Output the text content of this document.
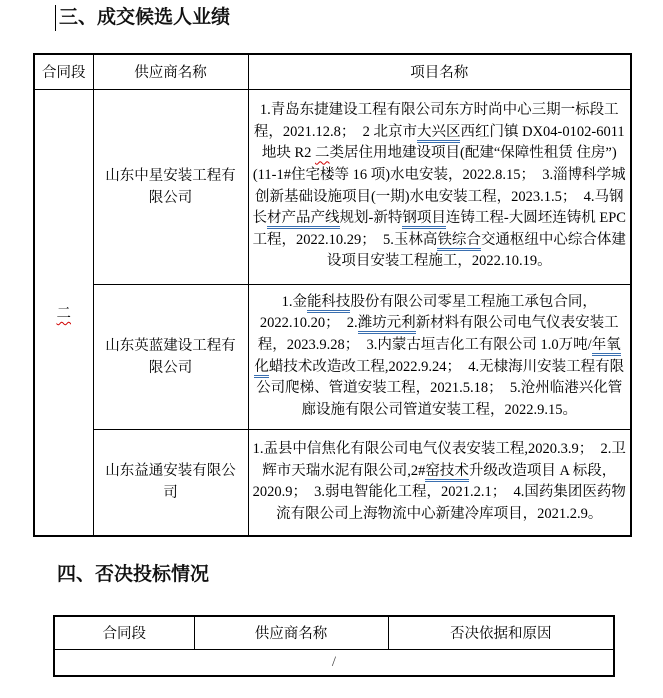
三、成交候选人业绩
合同段	供应商名称	项目名称
二	山东中星安装工程有限公司	1.青岛东捷建设工程有限公司东方时尚中心三期一标段工程，2021.12.8；  2 北京市大兴区西红门镇 DX04-0102-6011 地块 R2 二类居住用地建设项目(配建“保障性租赁 住房”)(11-1#住宅楼等 16 项)水电安装，2022.8.15；  3.淄博科学城创新基础设施项目(一期)水电安装工程，2023.1.5；  4.马钢长材产品产线规划-新特钢项目连铸工程-大圆坯连铸机 EPC 工程，2022.10.29；  5.玉林高铁综合交通枢纽中心综合体建设项目安装工程施工，2022.10.19。
	山东英蓝建设工程有限公司	1.金能科技股份有限公司零星工程施工承包合同，2022.10.20；  2.潍坊元利新材料有限公司电气仪表安装工程，2023.9.28；  3.内蒙古垣吉化工有限公司 1.0万吨/年氧化蜡技术改造改工程,2022.9.24；  4.无棣海川安装工程有限公司爬梯、管道安装工程，2021.5.18；  5.沧州临港兴化管廊设施有限公司管道安装工程，2022.9.15。
	山东益通安装有限公司	1.盂县中信焦化有限公司电气仪表安装工程,2020.3.9；  2.卫辉市天瑞水泥有限公司,2#窑技术升级改造项目 A 标段，2020.9；  3.弱电智能化工程，2021.2.1；  4.国药集团医药物流有限公司上海物流中心新建冷库项目，2021.2.9。
四、否决投标情况
合同段	供应商名称	否决依据和原因
/
